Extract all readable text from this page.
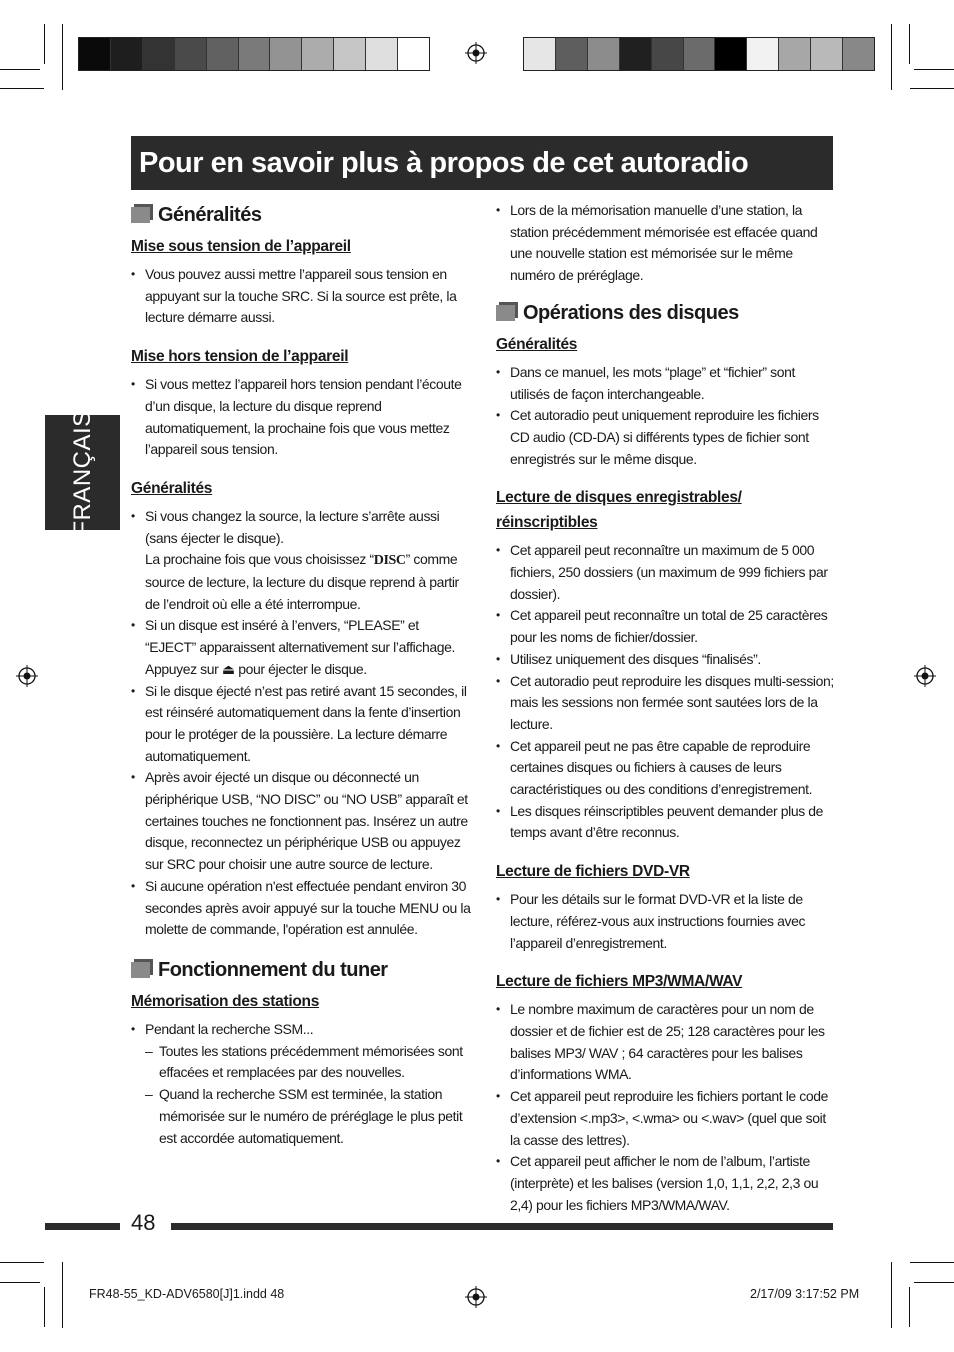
Pour en savoir plus à propos de cet autoradio
FRANÇAIS
Généralités
Mise sous tension de l’appareil
• Vous pouvez aussi mettre l’appareil sous tension en appuyant sur la touche SRC. Si la source est prête, la lecture démarre aussi.
Mise hors tension de l’appareil
• Si vous mettez l’appareil hors tension pendant l’écoute d’un disque, la lecture du disque reprend automatiquement, la prochaine fois que vous mettez l’appareil sous tension.
Généralités
• Si vous changez la source, la lecture s’arrête aussi (sans éjecter le disque).
La prochaine fois que vous choisissez “DISC” comme source de lecture, la lecture du disque reprend à partir de l’endroit où elle a été interrompue.
• Si un disque est inséré à l’envers, “PLEASE” et “EJECT” apparaissent alternativement sur l’affichage. Appuyez sur ⏏ pour éjecter le disque.
• Si le disque éjecté n’est pas retiré avant 15 secondes, il est réinséré automatiquement dans la fente d’insertion pour le protéger de la poussière. La lecture démarre automatiquement.
• Après avoir éjecté un disque ou déconnecté un périphérique USB, “NO DISC” ou “NO USB” apparaît et certaines touches ne fonctionnent pas. Insérez un autre disque, reconnectez un périphérique USB ou appuyez sur SRC pour choisir une autre source de lecture.
• Si aucune opération n'est effectuée pendant environ 30 secondes après avoir appuyé sur la touche MENU ou la molette de commande, l'opération est annulée.
Fonctionnement du tuner
Mémorisation des stations
• Pendant la recherche SSM...
– Toutes les stations précédemment mémorisées sont effacées et remplacées par des nouvelles.
– Quand la recherche SSM est terminée, la station mémorisée sur le numéro de préréglage le plus petit est accordée automatiquement.
• Lors de la mémorisation manuelle d’une station, la station précédemment mémorisée est effacée quand une nouvelle station est mémorisée sur le même numéro de préréglage.
Opérations des disques
Généralités
• Dans ce manuel, les mots “plage” et “fichier” sont utilisés de façon interchangeable.
• Cet autoradio peut uniquement reproduire les fichiers CD audio (CD-DA) si différents types de fichier sont enregistrés sur le même disque.
Lecture de disques enregistrables/
réinscriptibles
• Cet appareil peut reconnaître un maximum de 5 000 fichiers, 250 dossiers (un maximum de 999 fichiers par dossier).
• Cet appareil peut reconnaître un total de 25 caractères pour les noms de fichier/dossier.
• Utilisez uniquement des disques “finalisés”.
• Cet autoradio peut reproduire les disques multi-session; mais les sessions non fermée sont sautées lors de la lecture.
• Cet appareil peut ne pas être capable de reproduire certaines disques ou fichiers à causes de leurs caractéristiques ou des conditions d’enregistrement.
• Les disques réinscriptibles peuvent demander plus de temps avant d’être reconnus.
Lecture de fichiers DVD-VR
• Pour les détails sur le format DVD-VR et la liste de lecture, référez-vous aux instructions fournies avec l’appareil d’enregistrement.
Lecture de fichiers MP3/WMA/WAV
• Le nombre maximum de caractères pour un nom de dossier et de fichier est de 25; 128 caractères pour les balises MP3/ WAV ; 64 caractères pour les balises d’informations WMA.
• Cet appareil peut reproduire les fichiers portant le code d’extension <.mp3>, <.wma> ou <.wav> (quel que soit la casse des lettres).
• Cet appareil peut afficher le nom de l’album, l’artiste (interprète) et les balises (version 1,0, 1,1, 2,2, 2,3 ou 2,4) pour les fichiers MP3/WMA/WAV.
48
FR48-55_KD-ADV6580[J]1.indd 48	2/17/09 3:17:52 PM
